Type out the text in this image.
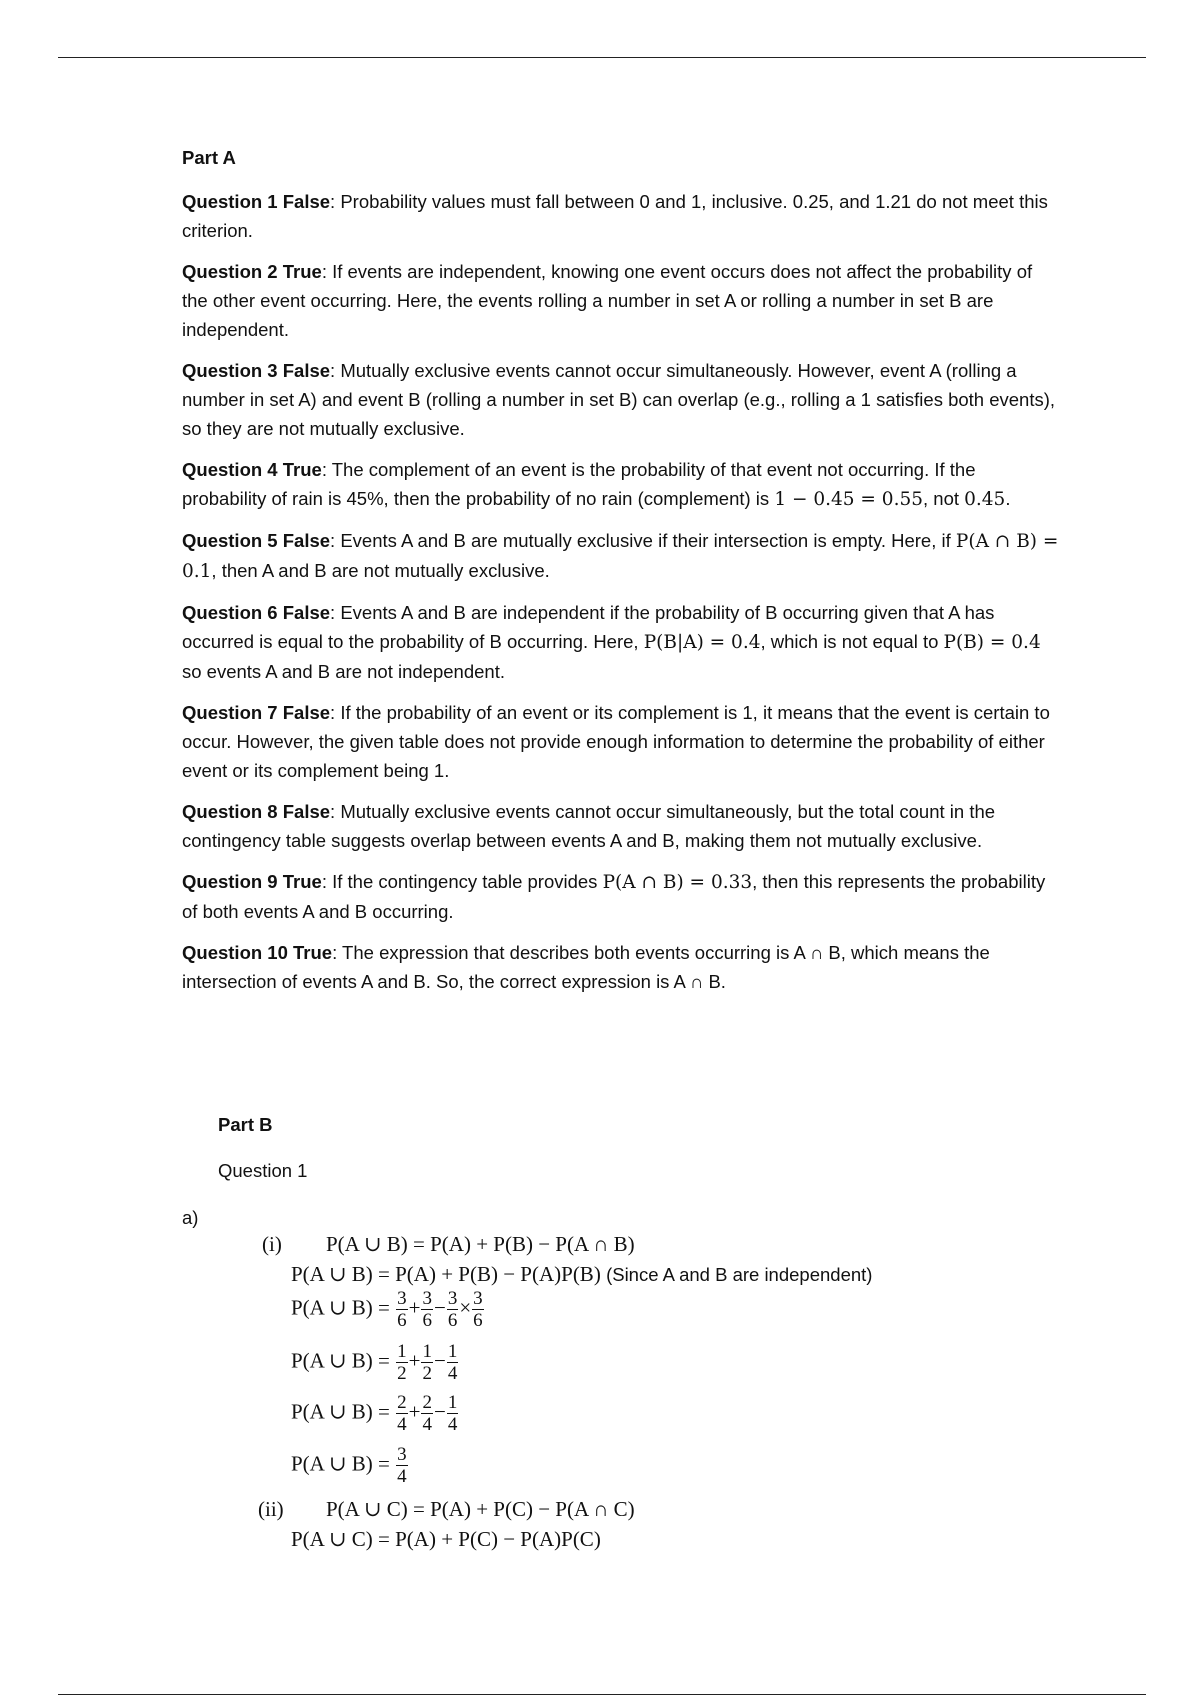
Part A

Question 1 False: Probability values must fall between 0 and 1, inclusive. 0.25, and 1.21 do not meet this criterion.

Question 2 True: If events are independent, knowing one event occurs does not affect the probability of the other event occurring. Here, the events rolling a number in set A or rolling a number in set B are independent.

Question 3 False: Mutually exclusive events cannot occur simultaneously. However, event A (rolling a number in set A) and event B (rolling a number in set B) can overlap (e.g., rolling a 1 satisfies both events), so they are not mutually exclusive.

Question 4 True: The complement of an event is the probability of that event not occurring. If the probability of rain is 45%, then the probability of no rain (complement) is 1 − 0.45 = 0.55, not 0.45.

Question 5 False: Events A and B are mutually exclusive if their intersection is empty. Here, if P(A ∩ B) = 0.1, then A and B are not mutually exclusive.

Question 6 False: Events A and B are independent if the probability of B occurring given that A has occurred is equal to the probability of B occurring. Here, P(B|A) = 0.4, which is not equal to P(B) = 0.4 so events A and B are not independent.

Question 7 False: If the probability of an event or its complement is 1, it means that the event is certain to occur. However, the given table does not provide enough information to determine the probability of either event or its complement being 1.

Question 8 False: Mutually exclusive events cannot occur simultaneously, but the total count in the contingency table suggests overlap between events A and B, making them not mutually exclusive.

Question 9 True: If the contingency table provides P(A ∩ B) = 0.33, then this represents the probability of both events A and B occurring.

Question 10 True: The expression that describes both events occurring is A ∩ B, which means the intersection of events A and B. So, the correct expression is A ∩ B.

Part B
Question 1
a)
(i) P(A ∪ B) = P(A) + P(B) − P(A ∩ B)
P(A ∪ B) = P(A) + P(B) − P(A)P(B) (Since A and B are independent)
P(A ∪ $B) = \frac{3}{6} + \frac{3}{6} - \frac{3}{6} \times \frac{3}{6}$
P(A ∪ $B) = \frac{1}{2} + \frac{1}{2} - \frac{1}{4}$
P(A ∪ $B) = \frac{2}{4} + \frac{2}{4} - \frac{1}{4}$
P(A ∪ $B) = \frac{3}{4}$
(ii) P(A ∪ C) = P(A) + P(C) − P(A ∩ C)
P(A ∪ C) = P(A) + P(C) − P(A)P(C)
